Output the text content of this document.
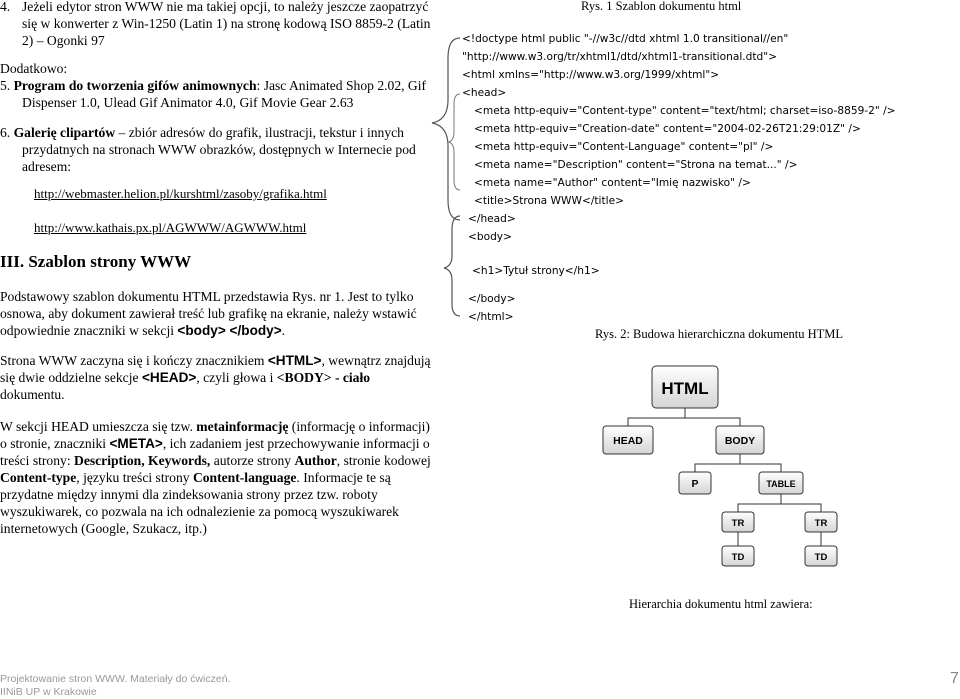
4. Jeżeli edytor stron WWW nie ma takiej opcji, to należy jeszcze zaopatrzyć
się w konwerter z Win-1250 (Latin 1) na stronę kodową ISO 8859-2 (Latin
2) – Ogonki 97
Dodatkowo:
5. Program do tworzenia gifów animownych: Jasc Animated Shop 2.02, Gif
Dispenser 1.0, Ulead Gif Animator 4.0, Gif Movie Gear 2.63
6. Galerię clipartów – zbiór adresów do grafik, ilustracji, tekstur i innych
przydatnych na stronach WWW obrazków, dostępnych w Internecie pod
adresem:
http://webmaster.helion.pl/kurshtml/zasoby/grafika.html
http://www.kathais.px.pl/AGWWW/AGWWW.html
III. Szablon strony WWW
Podstawowy szablon dokumentu HTML przedstawia Rys. nr 1. Jest to tylko
osnowa, aby dokument zawierał treść lub grafikę na ekranie, należy wstawić
odpowiednie znaczniki w sekcji <body> </body>.
Strona WWW zaczyna się i kończy znacznikiem <HTML>, wewnątrz znajdują
się dwie oddzielne sekcje <HEAD>, czyli głowa i <BODY> - ciało
dokumentu.
W sekcji HEAD umieszcza się tzw. metainformację (informację o informacji)
o stronie, znaczniki <META>, ich zadaniem jest przechowywanie informacji o
treści strony: Description, Keywords, autorze strony Author, stronie kodowej
Content-type, języku treści strony Content-language. Informacje te są
przydatne między innymi dla zindeksowania strony przez tzw. roboty
wyszukiwarek, co pozwala na ich odnalezienie za pomocą wyszukiwarek
internetowych (Google, Szukacz, itp.)
Rys. 1 Szablon dokumentu html
<!doctype html public "-//w3c//dtd xhtml 1.0 transitional//en"
"http://www.w3.org/tr/xhtml1/dtd/xhtml1-transitional.dtd">
<html xmlns="http://www.w3.org/1999/xhtml">
<head>
<meta http-equiv="Content-type" content="text/html; charset=iso-8859-2" />
<meta http-equiv="Creation-date" content="2004-02-26T21:29:01Z" />
<meta http-equiv="Content-Language" content="pl" />
<meta name="Description" content="Strona na temat..." />
<meta name="Author" content="Imię nazwisko" />
<title>Strona WWW</title>
</head>
<body>
<h1>Tytuł strony</h1>
</body>
</html>
Rys. 2: Budowa hierarchiczna dokumentu HTML
HTML
HEAD	BODY
P	TABLE
TR	TR
TD	TD
Hierarchia dokumentu html zawiera:
Projektowanie stron WWW. Materiały do ćwiczeń.
IINiB UP w Krakowie
7
